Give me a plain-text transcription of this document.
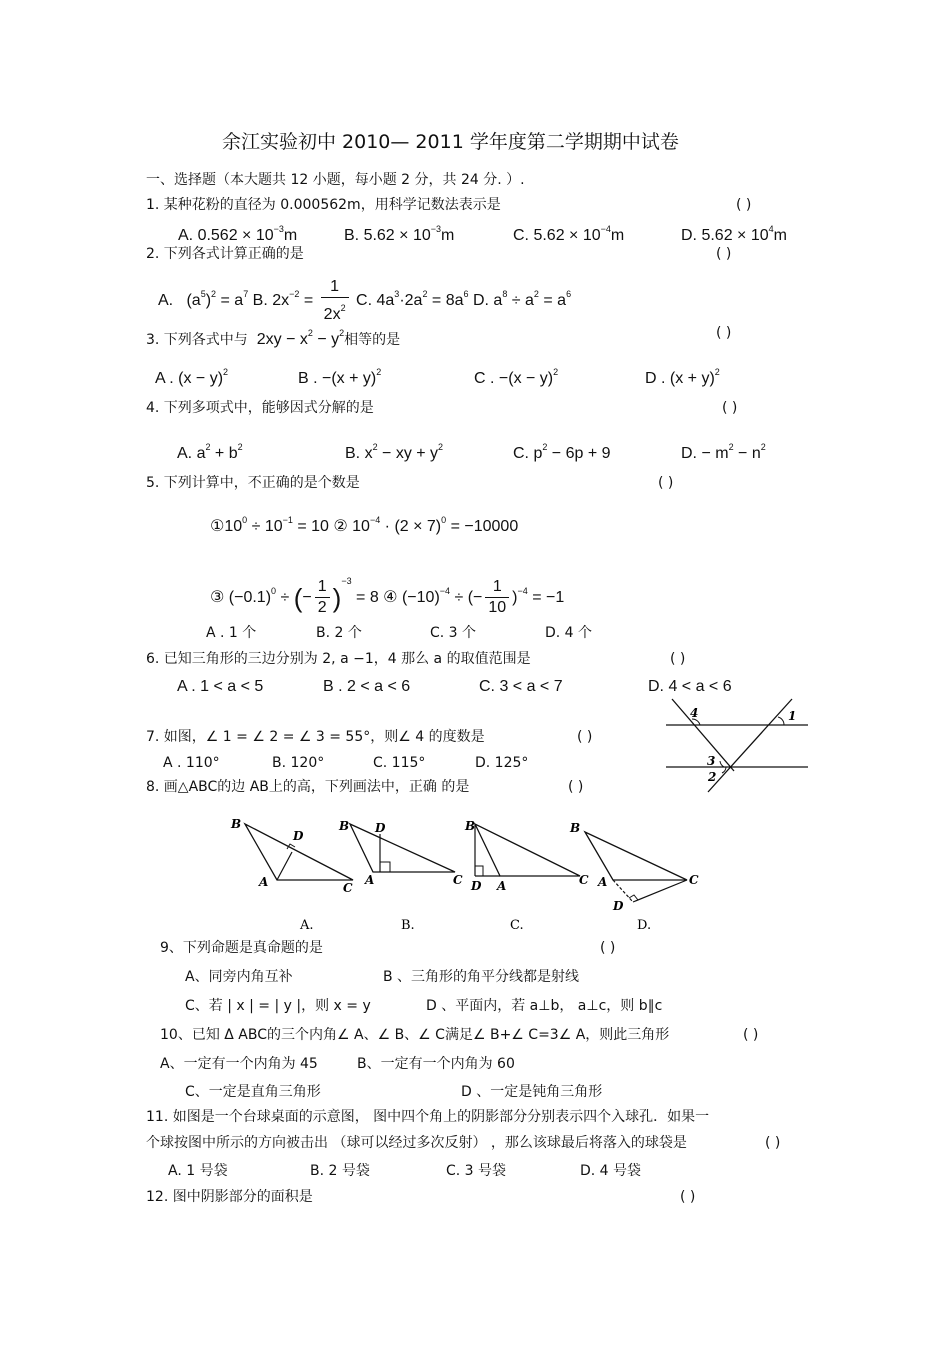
余江实验初中 2010— 2011 学年度第二学期期中试卷
一、选择题（本大题共 12 小题，每小题 2 分，共 24 分. ）.
1. 某种花粉的直径为 0.000562m，用科学记数法表示是	( )
A. $0.562 \times 10^{-3}m$	B. $5.62 \times 10^{-3}m$	C. $5.62 \times 10^{-4}m$	D. $5.62 \times 10^4m$
2. 下列各式计算正确的是	( )
A. $(a^5)^2 = a^7$ B. $2x^{-2} = \frac{1}{2x^2} C$. $4a^3\cdot 2a^2 = 8a^6$ D. $a^8 \div a^2 = a^6$
3. 下列各式中与 $2xy - x^2 - y^2$相等的是	( )
A . $(x - y)^2$	B . $-(x + y)^2$	C . $-(x - y)^2$	D . $(x + y)^2$
4. 下列多项式中，能够因式分解的是	( )
A. $a^2 + b^2$	B. $x^2$ − xy + $y^2$	C. $p^2 - 6p + 9$	D. − $m^2 - n^2$
5. 下列计算中，不正确的是个数是	( )
$①10^0 \div 10^{-1} = 10$ ② $10^{-4} \cdot (2 \times 7)^0 = -10000$
③ $(-0.1)^0$ ÷ (− $\frac{1}{2} )^{-3} = 8$ ④ $(-10)^{-4}$ ÷ (− $\frac{1}{10} )^{-4} = -1$
A . 1 个	B. 2 个	C. 3 个	D. 4 个
6. 已知三角形的三边分别为 2, a −1，4 那么 a 的取值范围是	( )
A . 1 < a < 5	B . 2 < a < 6	C. 3 < a < 7	D. 4 < a < 6
4	1
3
2
7. 如图，∠ 1 = ∠ 2 = ∠ 3 = 55°，则∠ 4 的度数是	( )
A . 110°	B. 120°	C. 115°	D. 125°
8. 画△ABC的边 AB上的高，下列画法中，正确 的是	( )
B
D
A	C
B D
A	C
B
D A	C
B
D
A	C
A.	B.	C.	D.
9、下列命题是真命题的是	( )
A、同旁内角互补	B 、三角形的角平分线都是射线
C、若 | x | = | y |，则 x = y	D 、平面内，若 a⊥b， a⊥c，则 b∥c
10、已知 Δ ABC的三个内角∠ A、∠ B、∠ C满足∠ B+∠ C=3∠ A，则此三角形	( )
A、一定有一个内角为 45	B、一定有一个内角为 60
C、一定是直角三角形	D 、一定是钝角三角形
11. 如图是一个台球桌面的示意图， 图中四个角上的阴影部分分别表示四个入球孔．如果一
个球按图中所示的方向被击出 （球可以经过多次反射） ，那么该球最后将落入的球袋是	( )
A. 1 号袋	B. 2 号袋	C. 3 号袋	D. 4 号袋
12. 图中阴影部分的面积是	( )
